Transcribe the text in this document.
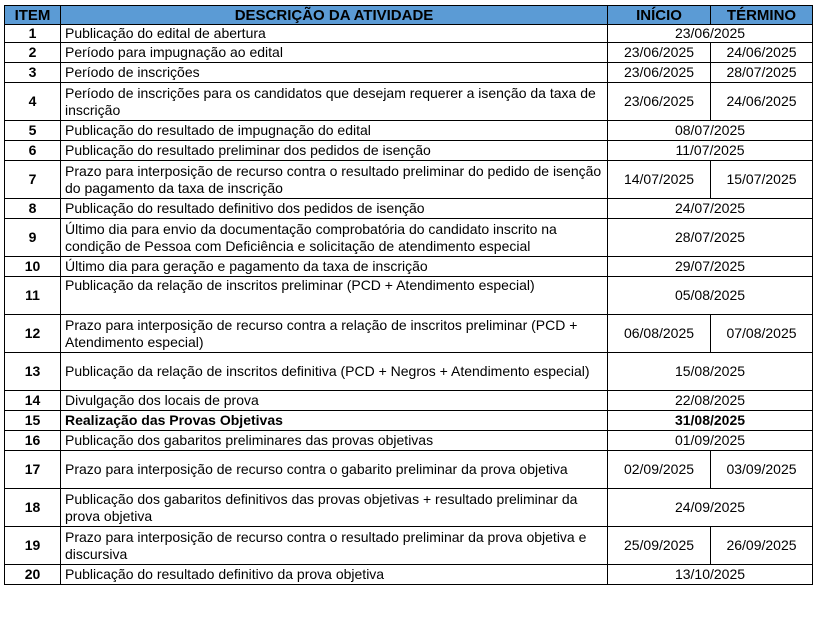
ITEM	DESCRIÇÃO DA ATIVIDADE	INÍCIO	TÉRMINO
1	Publicação do edital de abertura	23/06/2025	
2	Período para impugnação ao edital	23/06/2025	24/06/2025
3	Período de inscrições	23/06/2025	28/07/2025
4	Período de inscrições para os candidatos que desejam requerer a isenção da taxa de inscrição	23/06/2025	24/06/2025
5	Publicação do resultado de impugnação do edital	08/07/2025	
6	Publicação do resultado preliminar dos pedidos de isenção	11/07/2025	
7	Prazo para interposição de recurso contra o resultado preliminar do pedido de isenção do pagamento da taxa de inscrição	14/07/2025	15/07/2025
8	Publicação do resultado definitivo dos pedidos de isenção	24/07/2025	
9	Último dia para envio da documentação comprobatória do candidato inscrito na condição de Pessoa com Deficiência e solicitação de atendimento especial	28/07/2025	
10	Último dia para geração e pagamento da taxa de inscrição	29/07/2025	
11	Publicação da relação de inscritos preliminar (PCD + Atendimento especial)	05/08/2025	
12	Prazo para interposição de recurso contra a relação de inscritos preliminar (PCD + Atendimento especial)	06/08/2025	07/08/2025
13	Publicação da relação de inscritos definitiva (PCD + Negros + Atendimento especial)	15/08/2025	
14	Divulgação dos locais de prova	22/08/2025	
15	Realização das Provas Objetivas	31/08/2025	
16	Publicação dos gabaritos preliminares das provas objetivas	01/09/2025	
17	Prazo para interposição de recurso contra o gabarito preliminar da prova objetiva	02/09/2025	03/09/2025
18	Publicação dos gabaritos definitivos das provas objetivas + resultado preliminar da prova objetiva	24/09/2025	
19	Prazo para interposição de recurso contra o resultado preliminar da prova objetiva e discursiva	25/09/2025	26/09/2025
20	Publicação do resultado definitivo da prova objetiva	13/10/2025	
